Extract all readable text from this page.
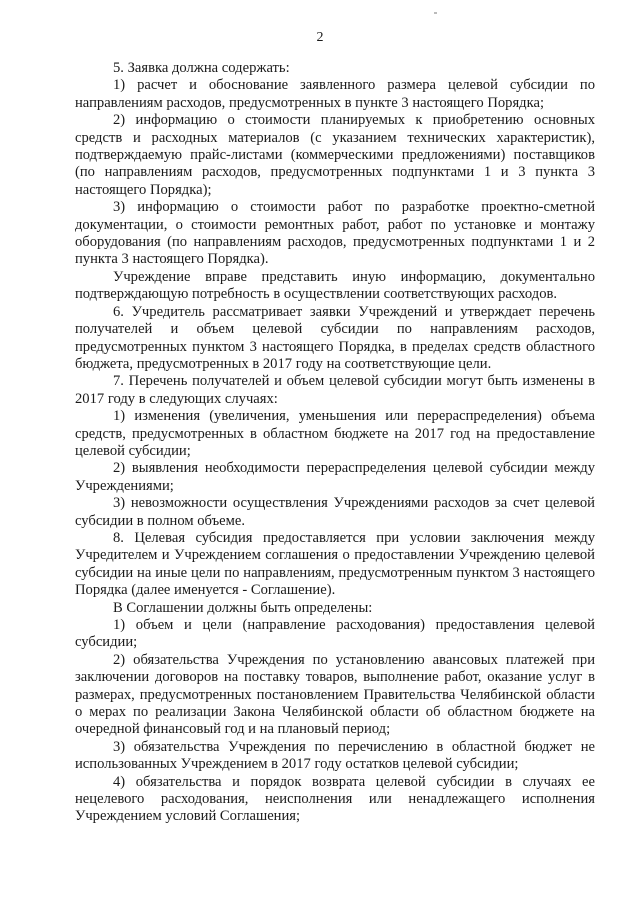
2

5. Заявка должна содержать:

1) расчет и обоснование заявленного размера целевой субсидии по направлениям расходов, предусмотренных в пункте 3 настоящего Порядка;

2) информацию о стоимости планируемых к приобретению основных средств и расходных материалов (с указанием технических характеристик), подтверждаемую прайс-листами (коммерческими предложениями) поставщиков (по направлениям расходов, предусмотренных подпунктами 1 и 3 пункта 3 настоящего Порядка);

3) информацию о стоимости работ по разработке проектно-сметной документации, о стоимости ремонтных работ, работ по установке и монтажу оборудования (по направлениям расходов, предусмотренных подпунктами 1 и 2 пункта 3 настоящего Порядка).

Учреждение вправе представить иную информацию, документально подтверждающую потребность в осуществлении соответствующих расходов.

6. Учредитель рассматривает заявки Учреждений и утверждает перечень получателей и объем целевой субсидии по направлениям расходов, предусмотренных пунктом 3 настоящего Порядка, в пределах средств областного бюджета, предусмотренных в 2017 году на соответствующие цели.

7. Перечень получателей и объем целевой субсидии могут быть изменены в 2017 году в следующих случаях:

1) изменения (увеличения, уменьшения или перераспределения) объема средств, предусмотренных в областном бюджете на 2017 год на предоставление целевой субсидии;

2) выявления необходимости перераспределения целевой субсидии между Учреждениями;

3) невозможности осуществления Учреждениями расходов за счет целевой субсидии в полном объеме.

8. Целевая субсидия предоставляется при условии заключения между Учредителем и Учреждением соглашения о предоставлении Учреждению целевой субсидии на иные цели по направлениям, предусмотренным пунктом 3 настоящего Порядка (далее именуется - Соглашение).

В Соглашении должны быть определены:

1) объем и цели (направление расходования) предоставления целевой субсидии;

2) обязательства Учреждения по установлению авансовых платежей при заключении договоров на поставку товаров, выполнение работ, оказание услуг в размерах, предусмотренных постановлением Правительства Челябинской области о мерах по реализации Закона Челябинской области об областном бюджете на очередной финансовый год и на плановый период;

3) обязательства Учреждения по перечислению в областной бюджет не использованных Учреждением в 2017 году остатков целевой субсидии;

4) обязательства и порядок возврата целевой субсидии в случаях ее нецелевого расходования, неисполнения или ненадлежащего исполнения Учреждением условий Соглашения;
